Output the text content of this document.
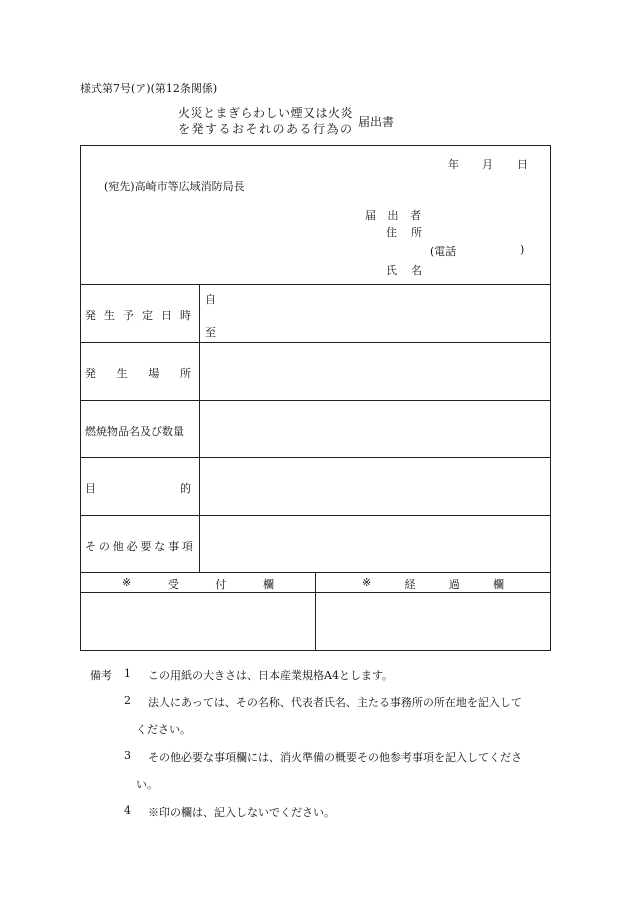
様式第7号(ア)(第12条関係)
火災とまぎらわしい煙又は火炎
を発するおそれのある行為の 届出書
年 月 日
(宛先)高崎市等広域消防局長
届 出 者
住 所
(電話	)
氏 名
発 生 予 定 日 時
自
至
発 生 場 所
燃焼物品名及び数量
目	的
そ の 他 必 要 な 事 項
※	受	付	欄	※	経	過	欄
備考 1 この用紙の大きさは、日本産業規格A4とします。
2 法人にあっては、その名称、代表者氏名、主たる事務所の所在地を記入して
ください。
3 その他必要な事項欄には、消火準備の概要その他参考事項を記入してくださ
い。
4 ※印の欄は、記入しないでください。
